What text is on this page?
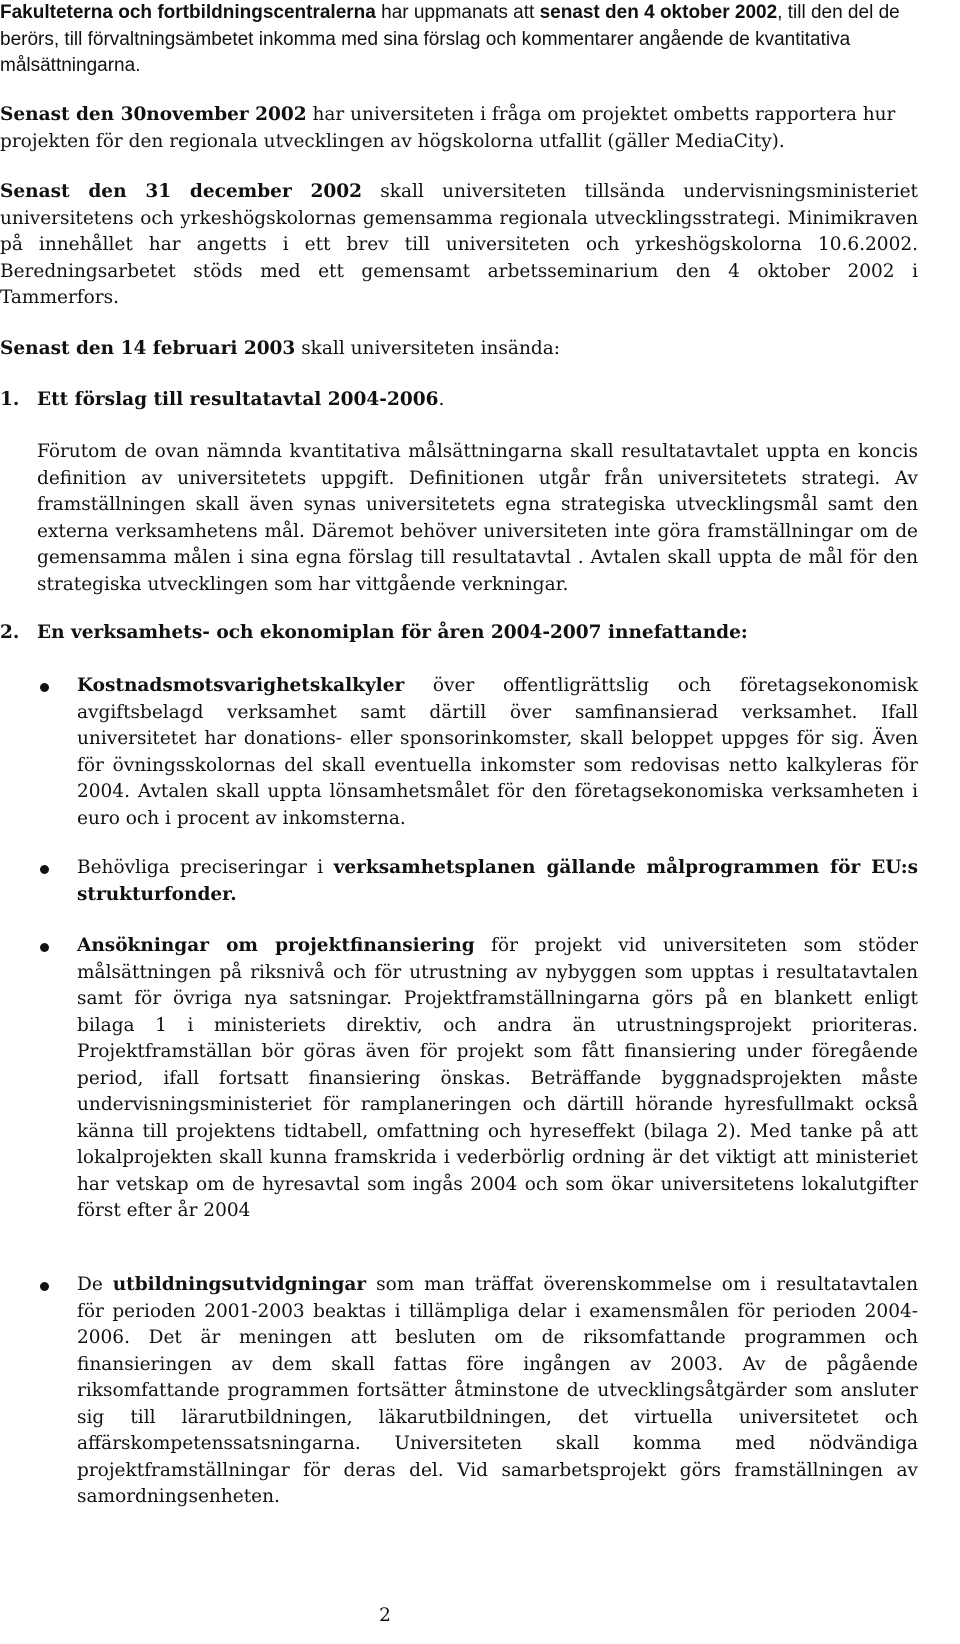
Fakulteterna och fortbildningscentralerna har uppmanats att senast den 4 oktober 2002, till den del de berörs, till förvaltningsämbetet inkomma med sina förslag och kommentarer angående de kvantitativa målsättningarna.

Senast den 30november 2002 har universiteten i fråga om projektet ombetts rapportera hur projekten för den regionala utvecklingen av högskolorna utfallit (gäller MediaCity).

Senast den 31 december 2002 skall universiteten tillsända undervisningsministeriet universitetens och yrkeshögskolornas gemensamma regionala utvecklingsstrategi. Minimikraven på innehållet har angetts i ett brev till universiteten och yrkeshögskolorna 10.6.2002. Beredningsarbetet stöds med ett gemensamt arbetsseminarium den 4 oktober 2002 i Tammerfors.

Senast den 14 februari 2003 skall universiteten insända:

1. Ett förslag till resultatavtal 2004-2006.

Förutom de ovan nämnda kvantitativa målsättningarna skall resultatavtalet uppta en koncis definition av universitetets uppgift. Definitionen utgår från universitetets strategi. Av framställningen skall även synas universitetets egna strategiska utvecklingsmål samt den externa verksamhetens mål. Däremot behöver universiteten inte göra framställningar om de gemensamma målen i sina egna förslag till resultatavtal . Avtalen skall uppta de mål för den strategiska utvecklingen som har vittgående verkningar.

2. En verksamhets- och ekonomiplan för åren 2004-2007 innefattande:

Kostnadsmotsvarighetskalkyler över offentligrättslig och företagsekonomisk avgiftsbelagd verksamhet samt därtill över samfinansierad verksamhet. Ifall universitetet har donations- eller sponsorinkomster, skall beloppet uppges för sig. Även för övningsskolornas del skall eventuella inkomster som redovisas netto kalkyleras för 2004. Avtalen skall uppta lönsamhetsmålet för den företagsekonomiska verksamheten i euro och i procent av inkomsterna.

Behövliga preciseringar i verksamhetsplanen gällande målprogrammen för EU:s strukturfonder.

Ansökningar om projektfinansiering för projekt vid universiteten som stöder målsättningen på riksnivå och för utrustning av nybyggen som upptas i resultatavtalen samt för övriga nya satsningar. Projektframställningarna görs på en blankett enligt bilaga 1 i ministeriets direktiv, och andra än utrustningsprojekt prioriteras. Projektframställan bör göras även för projekt som fått finansiering under föregående period, ifall fortsatt finansiering önskas. Beträffande byggnadsprojekten måste undervisningsministeriet för ramplaneringen och därtill hörande hyresfullmakt också känna till projektens tidtabell, omfattning och hyreseffekt (bilaga 2). Med tanke på att lokalprojekten skall kunna framskrida i vederbörlig ordning är det viktigt att ministeriet har vetskap om de hyresavtal som ingås 2004 och som ökar universitetens lokalutgifter först efter år 2004

De utbildningsutvidgningar som man träffat överenskommelse om i resultatavtalen för perioden 2001-2003 beaktas i tillämpliga delar i examensmålen för perioden 2004-2006. Det är meningen att besluten om de riksomfattande programmen och finansieringen av dem skall fattas före ingången av 2003. Av de pågående riksomfattande programmen fortsätter åtminstone de utvecklingsåtgärder som ansluter sig till lärarutbildningen, läkarutbildningen, det virtuella universitetet och affärskompetenssatsningarna. Universiteten skall komma med nödvändiga projektframställningar för deras del. Vid samarbetsprojekt görs framställningen av samordningsenheten.

2
